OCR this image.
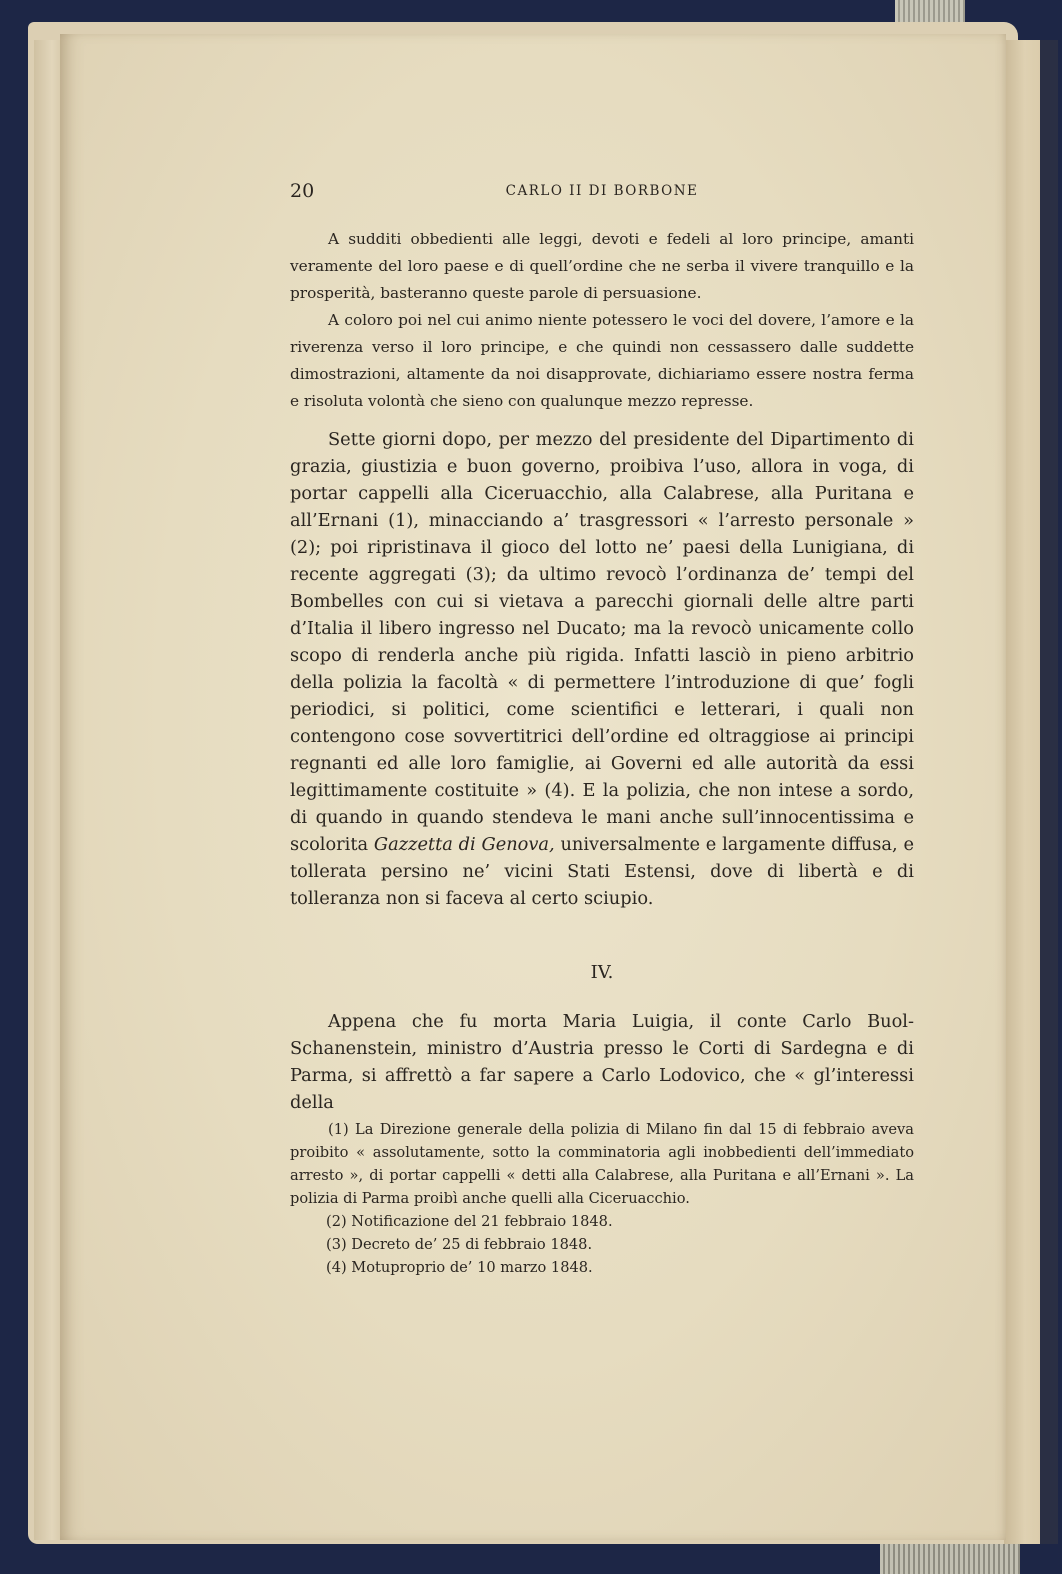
20	CARLO II DI BORBONE

A sudditi obbedienti alle leggi, devoti e fedeli al loro principe, amanti veramente del loro paese e di quell’ordine che ne serba il vivere tranquillo e la prosperità, basteranno queste parole di persuasione.

A coloro poi nel cui animo niente potessero le voci del dovere, l’amore e la riverenza verso il loro principe, e che quindi non cessassero dalle suddette dimostrazioni, altamente da noi disapprovate, dichiariamo essere nostra ferma e risoluta volontà che sieno con qualunque mezzo represse.

Sette giorni dopo, per mezzo del presidente del Dipartimento di grazia, giustizia e buon governo, proibiva l’uso, allora in voga, di portar cappelli alla Ciceruacchio, alla Calabrese, alla Puritana e all’Ernani (1), minacciando a’ trasgressori « l’arresto personale » (2); poi ripristinava il gioco del lotto ne’ paesi della Lunigiana, di recente aggregati (3); da ultimo revocò l’ordinanza de’ tempi del Bombelles con cui si vietava a parecchi giornali delle altre parti d’Italia il libero ingresso nel Ducato; ma la revocò unicamente collo scopo di renderla anche più rigida. Infatti lasciò in pieno arbitrio della polizia la facoltà « di permettere l’introduzione di que’ fogli periodici, si politici, come scientifici e letterari, i quali non contengono cose sovvertitrici dell’ordine ed oltraggiose ai principi regnanti ed alle loro famiglie, ai Governi ed alle autorità da essi legittimamente costituite » (4). E la polizia, che non intese a sordo, di quando in quando stendeva le mani anche sull’innocentissima e scolorita Gazzetta di Genova, universalmente e largamente diffusa, e tollerata persino ne’ vicini Stati Estensi, dove di libertà e di tolleranza non si faceva al certo sciupio.

IV.

Appena che fu morta Maria Luigia, il conte Carlo Buol-Schanenstein, ministro d’Austria presso le Corti di Sardegna e di Parma, si affrettò a far sapere a Carlo Lodovico, che « gl’interessi della

(1) La Direzione generale della polizia di Milano fin dal 15 di febbraio aveva proibito « assolutamente, sotto la comminatoria agli inobbedienti dell’immediato arresto », di portar cappelli « detti alla Calabrese, alla Puritana e all’Ernani ». La polizia di Parma proibì anche quelli alla Ciceruacchio.

(2) Notificazione del 21 febbraio 1848.

(3) Decreto de’ 25 di febbraio 1848.

(4) Motuproprio de’ 10 marzo 1848.
